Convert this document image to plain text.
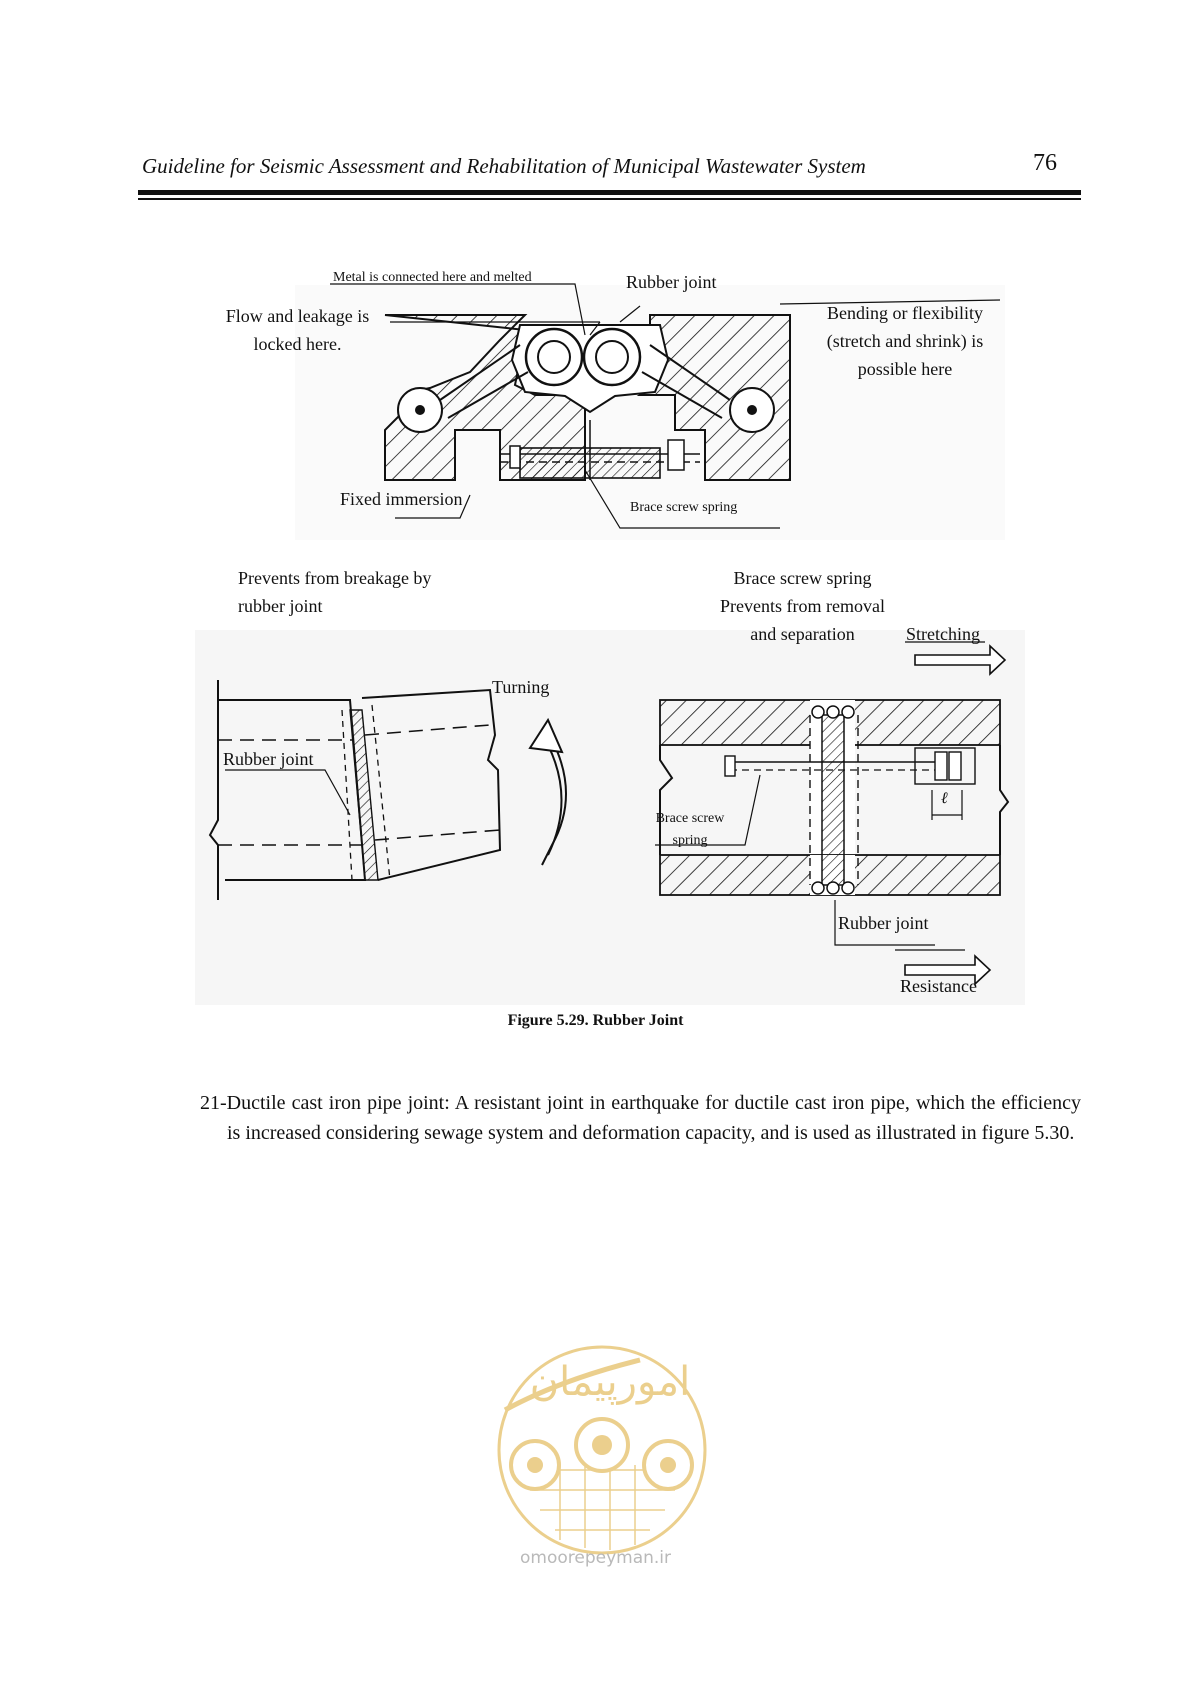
Guideline for Seismic Assessment and Rehabilitation of Municipal Wastewater System	76
امورپیمان
Metal is connected here and melted	Rubber joint
Flow and leakage is
locked here.
Bending or flexibility
(stretch and shrink) is
possible here
Fixed immersion	Brace screw spring
Prevents from breakage by
rubber joint
Turning
Rubber joint
Brace screw spring
Prevents from removal
and separation	Stretching
Brace screw
spring
ℓ
Rubber joint
Resistance
Figure 5.29. Rubber Joint
21-Ductile cast iron pipe joint: A resistant joint in earthquake for ductile cast iron pipe, which the efficiency is increased considering sewage system and deformation capacity, and is used as illustrated in figure 5.30.
omoorepeyman.ir
